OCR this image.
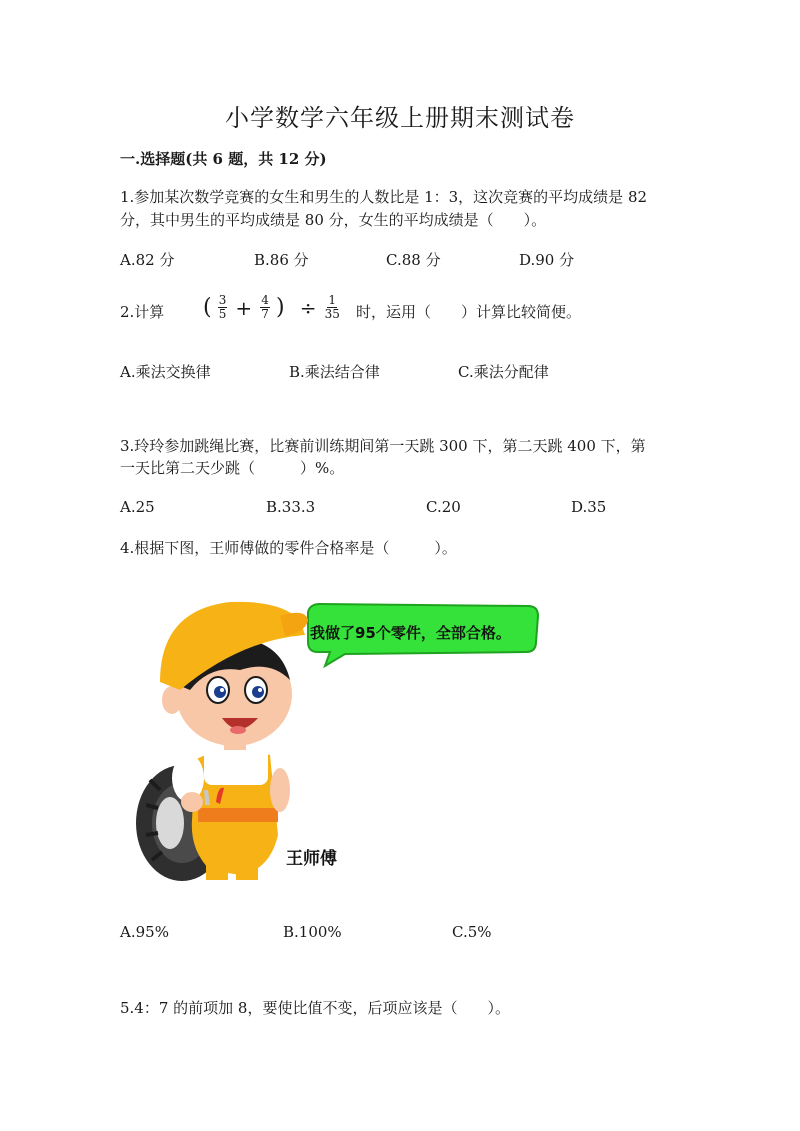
小学数学六年级上册期末测试卷
一.选择题(共 6 题，共 12 分)
1.参加某次数学竞赛的女生和男生的人数比是 1：3，这次竞赛的平均成绩是 82
分，其中男生的平均成绩是 80 分，女生的平均成绩是（　　）。
A.82 分	B.86 分	C.88 分	D.90 分
2.计算 ( $\frac{3}{5} + \frac{4}{7}$ ) ÷ $\frac{1}{35}$ 时，运用（　　）计算比较简便。
A.乘法交换律	B.乘法结合律	C.乘法分配律
3.玲玲参加跳绳比赛，比赛前训练期间第一天跳 300 下，第二天跳 400 下，第
一天比第二天少跳（　　　）%。
A.25	B.33.3	C.20	D.35
4.根据下图，王师傅做的零件合格率是（　　　）。
我做了95个零件，全部合格。
王师傅
A.95%	B.100%	C.5%
5.4：7 的前项加 8，要使比值不变，后项应该是（　　）。
